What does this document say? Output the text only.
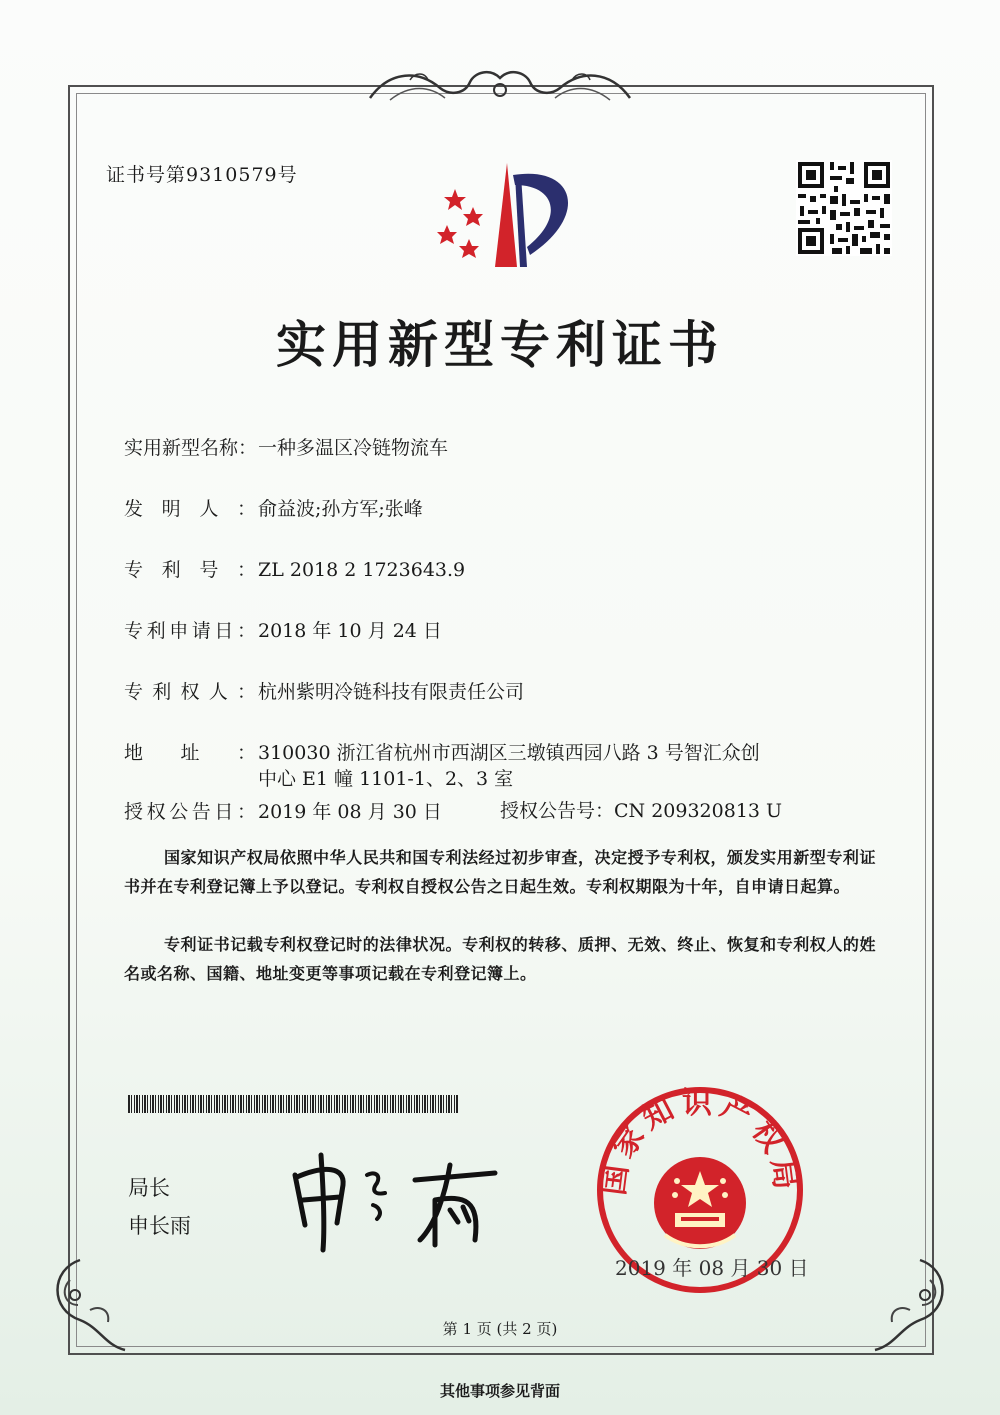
证书号第9310579号
实用新型专利证书
实用新型名称：一种多温区冷链物流车
发明人： 俞益波;孙方军;张峰
专利号： ZL 2018 2 1723643.9
专利申请日： 2018 年 10 月 24 日
专利权人： 杭州紫明冷链科技有限责任公司
地址： 310030 浙江省杭州市西湖区三墩镇西园八路 3 号智汇众创
中心 E1 幢 1101-1、2、3 室
授权公告日： 2019 年 08 月 30 日	授权公告号：CN 209320813 U
国家知识产权局依照中华人民共和国专利法经过初步审查，决定授予专利权，颁发实用新型专利证书并在专利登记簿上予以登记。专利权自授权公告之日起生效。专利权期限为十年，自申请日起算。
专利证书记载专利权登记时的法律状况。专利权的转移、质押、无效、终止、恢复和专利权人的姓名或名称、国籍、地址变更等事项记载在专利登记簿上。
局长
申长雨
国家知识产权局
2019 年 08 月 30 日
第 1 页 (共 2 页)
其他事项参见背面
